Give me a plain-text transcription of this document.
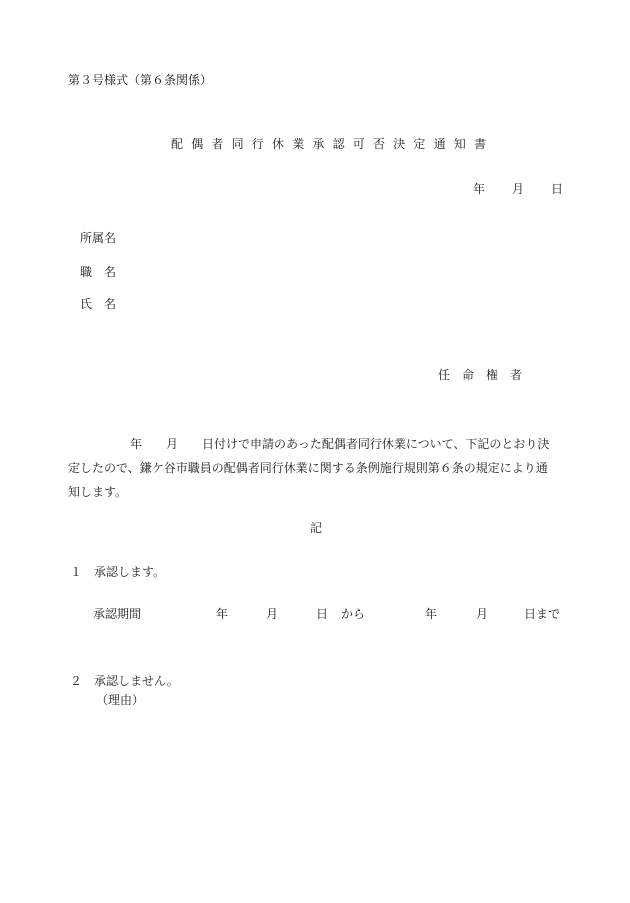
第３号様式（第６条関係）
配偶者同行休業承認可否決定通知書
年 月 日
所属名
職　名
氏　名
任 命 権 者
年 月 日付けで申請のあった配偶者同行休業について、下記のとおり決
定したので、鎌ケ谷市職員の配偶者同行休業に関する条例施行規則第６条の規定により通
知します。
記
１ 承認します。
承認期間	年	月	日 から	年	月	日まで
２ 承認しません。
（理由）
